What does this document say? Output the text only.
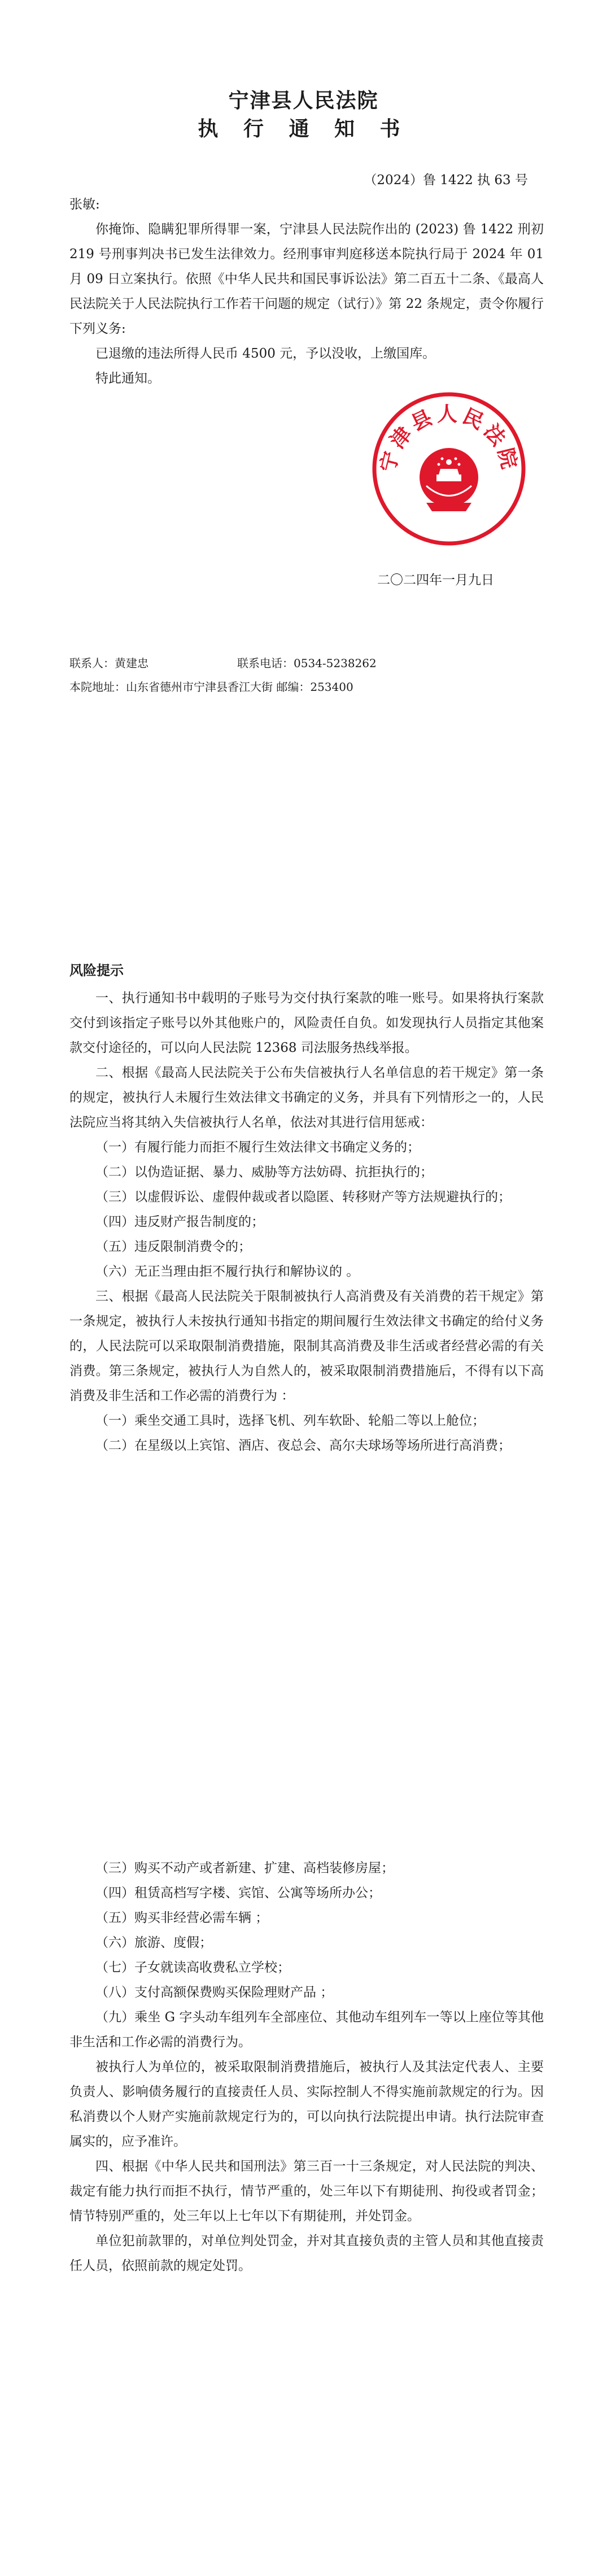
宁津县人民法院
执 行 通 知 书
（2024）鲁 1422 执 63 号

张敏:

你掩饰、隐瞒犯罪所得罪一案，宁津县人民法院作出的 (2023) 鲁 1422 刑初 219 号刑事判决书已发生法律效力。经刑事审判庭移送本院执行局于 2024 年 01 月 09 日立案执行。依照《中华人民共和国民事诉讼法》第二百五十二条、《最高人民法院关于人民法院执行工作若干问题的规定（试行）》第 22 条规定，责令你履行下列义务:

已退缴的违法所得人民币 4500 元，予以没收，上缴国库。

特此通知。

宁津县人民法院
二〇二四年一月九日
联系人：黄建忠	联系电话：0534-5238262
本院地址：山东省德州市宁津县香江大街 邮编：253400
风险提示

一、执行通知书中载明的子账号为交付执行案款的唯一账号。如果将执行案款交付到该指定子账号以外其他账户的，风险责任自负。如发现执行人员指定其他案款交付途径的，可以向人民法院 12368 司法服务热线举报。

二、根据《最高人民法院关于公布失信被执行人名单信息的若干规定》第一条的规定，被执行人未履行生效法律文书确定的义务，并具有下列情形之一的，人民法院应当将其纳入失信被执行人名单，依法对其进行信用惩戒：

（一）有履行能力而拒不履行生效法律文书确定义务的；

（二）以伪造证据、暴力、威胁等方法妨碍、抗拒执行的；

（三）以虚假诉讼、虚假仲裁或者以隐匿、转移财产等方法规避执行的；

（四）违反财产报告制度的；

（五）违反限制消费令的；

（六）无正当理由拒不履行执行和解协议的 。

三、根据《最高人民法院关于限制被执行人高消费及有关消费的若干规定》第一条规定，被执行人未按执行通知书指定的期间履行生效法律文书确定的给付义务的，人民法院可以采取限制消费措施，限制其高消费及非生活或者经营必需的有关消费。第三条规定，被执行人为自然人的，被采取限制消费措施后，不得有以下高消费及非生活和工作必需的消费行为 ：

（一）乘坐交通工具时，选择飞机、列车软卧、轮船二等以上舱位；

（二）在星级以上宾馆、酒店、夜总会、高尔夫球场等场所进行高消费；

（三）购买不动产或者新建、扩建、高档装修房屋；

（四）租赁高档写字楼、宾馆、公寓等场所办公；

（五）购买非经营必需车辆 ；

（六）旅游、度假；

（七）子女就读高收费私立学校；

（八）支付高额保费购买保险理财产品 ；

（九）乘坐 G 字头动车组列车全部座位、其他动车组列车一等以上座位等其他非生活和工作必需的消费行为。

被执行人为单位的，被采取限制消费措施后，被执行人及其法定代表人、主要负责人、影响债务履行的直接责任人员、实际控制人不得实施前款规定的行为。因私消费以个人财产实施前款规定行为的，可以向执行法院提出申请。执行法院审查属实的，应予准许。

四、根据《中华人民共和国刑法》第三百一十三条规定，对人民法院的判决、裁定有能力执行而拒不执行，情节严重的，处三年以下有期徒刑、拘役或者罚金；情节特别严重的，处三年以上七年以下有期徒刑，并处罚金。

单位犯前款罪的，对单位判处罚金，并对其直接负责的主管人员和其他直接责任人员，依照前款的规定处罚。
